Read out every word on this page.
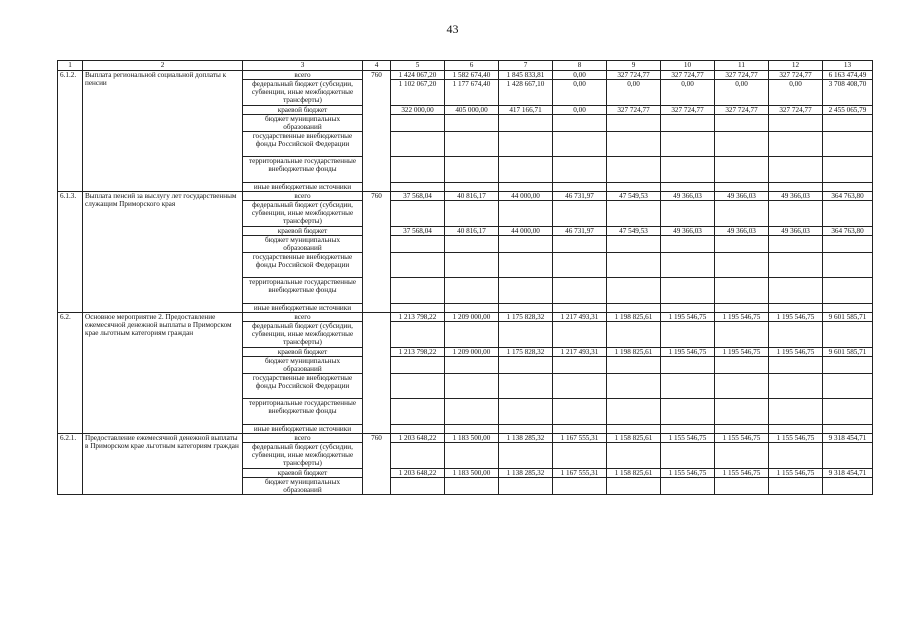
43
1	2	3	4	5	6	7	8	9	10	11	12	13
6.1.2.	Выплата региональной социальной доплаты к пенсии	всего	760	1 424 067,20	1 582 674,40	1 845 833,81	0,00	327 724,77	327 724,77	327 724,77	327 724,77	6 163 474,49
		федеральный бюджет (субсидии, субвенции, иные межбюджетные трансферты)		1 102 067,20	1 177 674,40	1 428 667,10	0,00	0,00	0,00	0,00	0,00	3 708 408,70
		краевой бюджет		322 000,00	405 000,00	417 166,71	0,00	327 724,77	327 724,77	327 724,77	327 724,77	2 455 065,79
		бюджет муниципальных образований										
		государственные внебюджетные фонды Российской Федерации										
		территориальные государственные внебюджетные фонды										
		иные внебюджетные источники										
6.1.3.	Выплата пенсий за выслугу лет государственным служащим Приморского края	всего	760	37 568,04	40 816,17	44 000,00	46 731,97	47 549,53	49 366,03	49 366,03	49 366,03	364 763,80
		федеральный бюджет (субсидии, субвенции, иные межбюджетные трансферты)										
		краевой бюджет		37 568,04	40 816,17	44 000,00	46 731,97	47 549,53	49 366,03	49 366,03	49 366,03	364 763,80
		бюджет муниципальных образований										
		государственные внебюджетные фонды Российской Федерации										
		территориальные государственные внебюджетные фонды										
		иные внебюджетные источники										
6.2.	Основное мероприятие 2. Предоставление ежемесячной денежной выплаты в Приморском крае льготным категориям граждан	всего		1 213 798,22	1 209 000,00	1 175 828,32	1 217 493,31	1 198 825,61	1 195 546,75	1 195 546,75	1 195 546,75	9 601 585,71
		федеральный бюджет (субсидии, субвенции, иные межбюджетные трансферты)										
		краевой бюджет		1 213 798,22	1 209 000,00	1 175 828,32	1 217 493,31	1 198 825,61	1 195 546,75	1 195 546,75	1 195 546,75	9 601 585,71
		бюджет муниципальных образований										
		государственные внебюджетные фонды Российской Федерации										
		территориальные государственные внебюджетные фонды										
		иные внебюджетные источники										
6.2.1.	Предоставление ежемесячной денежной выплаты в Приморском крае льготным категориям граждан	всего	760	1 203 648,22	1 183 500,00	1 138 285,32	1 167 555,31	1 158 825,61	1 155 546,75	1 155 546,75	1 155 546,75	9 318 454,71
		федеральный бюджет (субсидии, субвенции, иные межбюджетные трансферты)										
		краевой бюджет		1 203 648,22	1 183 500,00	1 138 285,32	1 167 555,31	1 158 825,61	1 155 546,75	1 155 546,75	1 155 546,75	9 318 454,71
		бюджет муниципальных образований										
